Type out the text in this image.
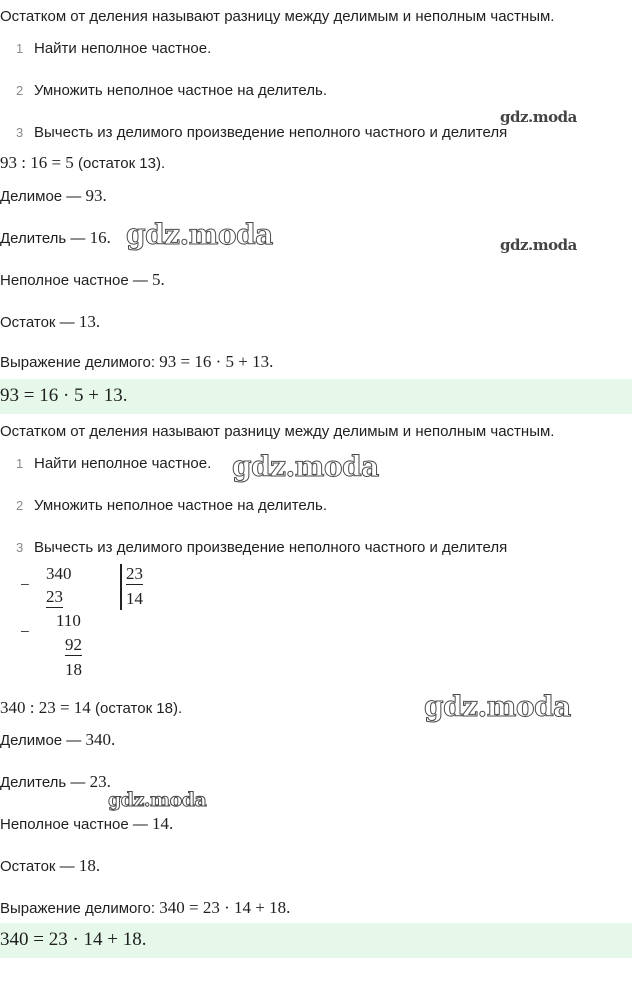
Остатком от деления называют разницу между делимым и неполным частным.
1 Найти неполное частное.
2 Умножить неполное частное на делитель.
3 Вычесть из делимого произведение неполного частного и делителя
gdz.moda
93 : 16 = 5 (остаток 13).
Делимое — 93.
Делитель — 16. gdz.moda	gdz.moda
Неполное частное — 5.
Остаток — 13.
Выражение делимого: 93 = 16 · 5 + 13.
93 = 16 · 5 + 13.
Остатком от деления называют разницу между делимым и неполным частным.
1 Найти неполное частное. gdz.moda
2 Умножить неполное частное на делитель.
3 Вычесть из делимого произведение неполного частного и делителя
−
340
23
23
14
−
110
92
18
340 : 23 = 14 (остаток 18).	gdz.moda
Делимое — 340.
Делитель — 23.
gdz.moda
Неполное частное — 14.
Остаток — 18.
Выражение делимого: 340 = 23 · 14 + 18.
340 = 23 · 14 + 18.
